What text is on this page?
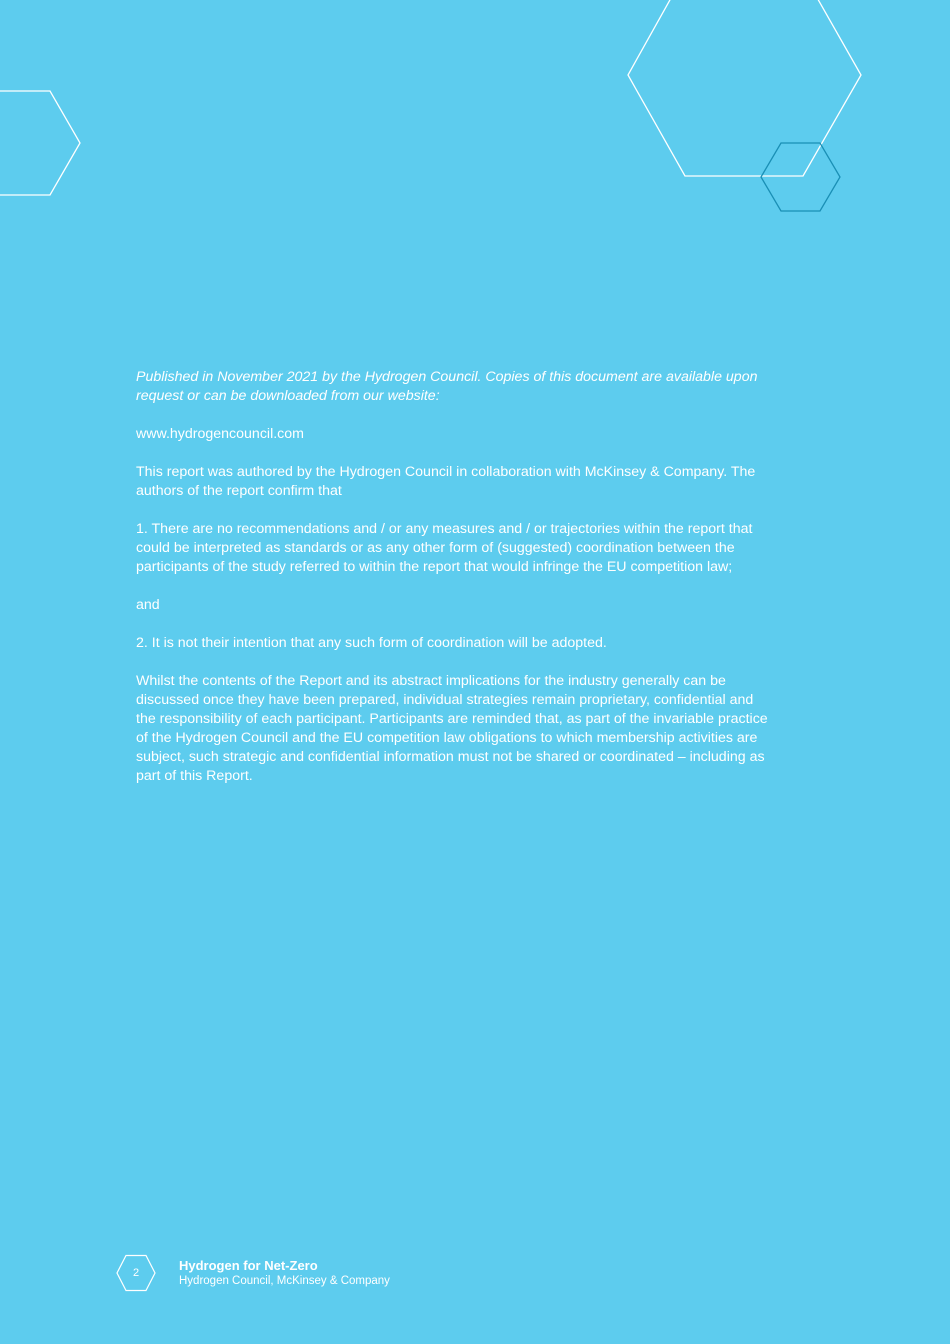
Published in November 2021 by the Hydrogen Council. Copies of this document are available upon request or can be downloaded from our website:

www.hydrogencouncil.com

This report was authored by the Hydrogen Council in collaboration with McKinsey & Company. The authors of the report confirm that

1. There are no recommendations and / or any measures and / or trajectories within the report that could be interpreted as standards or as any other form of (suggested) coordination between the participants of the study referred to within the report that would infringe the EU competition law;

and

2. It is not their intention that any such form of coordination will be adopted.

Whilst the contents of the Report and its abstract implications for the industry generally can be discussed once they have been prepared, individual strategies remain proprietary, confidential and the responsibility of each participant. Participants are reminded that, as part of the invariable practice of the Hydrogen Council and the EU competition law obligations to which membership activities are subject, such strategic and confidential information must not be shared or coordinated – including as part of this Report.

2	Hydrogen for Net-Zero
Hydrogen Council, McKinsey & Company
